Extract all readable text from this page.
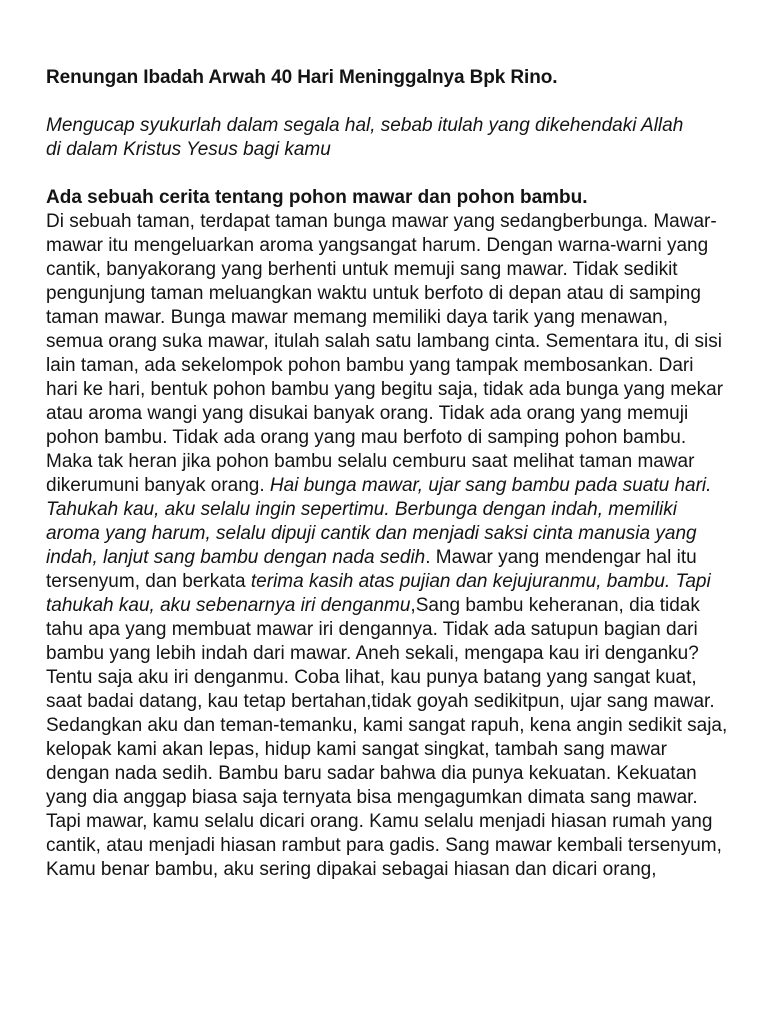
Renungan Ibadah Arwah 40 Hari Meninggalnya Bpk Rino.

Mengucap syukurlah dalam segala hal, sebab itulah yang dikehendaki Allah
di dalam Kristus Yesus bagi kamu

Ada sebuah cerita tentang pohon mawar dan pohon bambu.

Di sebuah taman, terdapat taman bunga mawar yang sedangberbunga. Mawar-mawar itu mengeluarkan aroma yangsangat harum. Dengan warna-warni yang cantik, banyakorang yang berhenti untuk memuji sang mawar. Tidak sedikit pengunjung taman meluangkan waktu untuk berfoto di depan atau di samping taman mawar. Bunga mawar memang memiliki daya tarik yang menawan, semua orang suka mawar, itulah salah satu lambang cinta. Sementara itu, di sisi lain taman, ada sekelompok pohon bambu yang tampak membosankan. Dari hari ke hari, bentuk pohon bambu yang begitu saja, tidak ada bunga yang mekar atau aroma wangi yang disukai banyak orang. Tidak ada orang yang memuji pohon bambu. Tidak ada orang yang mau berfoto di samping pohon bambu. Maka tak heran jika pohon bambu selalu cemburu saat melihat taman mawar dikerumuni banyak orang. Hai bunga mawar, ujar sang bambu pada suatu hari. Tahukah kau, aku selalu ingin sepertimu. Berbunga dengan indah, memiliki aroma yang harum, selalu dipuji cantik dan menjadi saksi cinta manusia yang indah, lanjut sang bambu dengan nada sedih. Mawar yang mendengar hal itu tersenyum, dan berkata terima kasih atas pujian dan kejujuranmu, bambu. Tapi tahukah kau, aku sebenarnya iri denganmu,Sang bambu keheranan, dia tidak tahu apa yang membuat mawar iri dengannya. Tidak ada satupun bagian dari bambu yang lebih indah dari mawar. Aneh sekali, mengapa kau iri denganku? Tentu saja aku iri denganmu. Coba lihat, kau punya batang yang sangat kuat, saat badai datang, kau tetap bertahan,tidak goyah sedikitpun, ujar sang mawar. Sedangkan aku dan teman-temanku, kami sangat rapuh, kena angin sedikit saja, kelopak kami akan lepas, hidup kami sangat singkat, tambah sang mawar dengan nada sedih. Bambu baru sadar bahwa dia punya kekuatan. Kekuatan yang dia anggap biasa saja ternyata bisa mengagumkan dimata sang mawar. Tapi mawar, kamu selalu dicari orang. Kamu selalu menjadi hiasan rumah yang cantik, atau menjadi hiasan rambut para gadis. Sang mawar kembali tersenyum, Kamu benar bambu, aku sering dipakai sebagai hiasan dan dicari orang,
